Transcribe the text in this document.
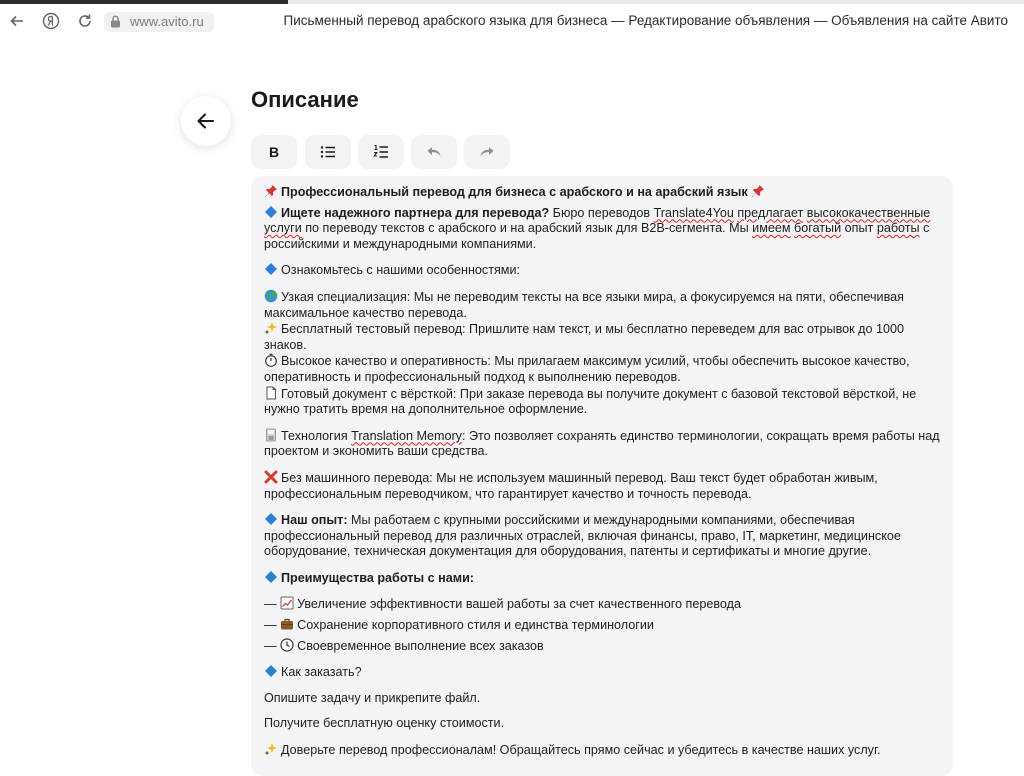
www.avito.ru	Письменный перевод арабского языка для бизнеса — Редактирование объявления — Объявления на сайте Авито
Описание
B

Профессиональный перевод для бизнеса с арабского и на арабский язык

Ищете надежного партнера для перевода? Бюро переводов Translate4You предлагает высококачественные услуги по переводу текстов с арабского и на арабский язык для B2B-сегмента. Мы имеем богатый опыт работы с российскими и международными компаниями.

Ознакомьтесь с нашими особенностями:

Узкая специализация: Мы не переводим тексты на все языки мира, а фокусируемся на пяти, обеспечивая максимальное качество перевода.

Бесплатный тестовый перевод: Пришлите нам текст, и мы бесплатно переведем для вас отрывок до 1000 знаков.

Высокое качество и оперативность: Мы прилагаем максимум усилий, чтобы обеспечить высокое качество, оперативность и профессиональный подход к выполнению переводов.

Готовый документ с вёрсткой: При заказе перевода вы получите документ с базовой текстовой вёрсткой, не нужно тратить время на дополнительное оформление.

Технология Translation Memory: Это позволяет сохранять единство терминологии, сокращать время работы над проектом и экономить ваши средства.

Без машинного перевода: Мы не используем машинный перевод. Ваш текст будет обработан живым, профессиональным переводчиком, что гарантирует качество и точность перевода.

Наш опыт: Мы работаем с крупными российскими и международными компаниями, обеспечивая профессиональный перевод для различных отраслей, включая финансы, право, IT, маркетинг, медицинское оборудование, техническая документация для оборудования, патенты и сертификаты и многие другие.

Преимущества работы с нами:

— Увеличение эффективности вашей работы за счет качественного перевода

— Сохранение корпоративного стиля и единства терминологии

— Своевременное выполнение всех заказов

Как заказать?

Опишите задачу и прикрепите файл.

Получите бесплатную оценку стоимости.

Доверьте перевод профессионалам! Обращайтесь прямо сейчас и убедитесь в качестве наших услуг.
